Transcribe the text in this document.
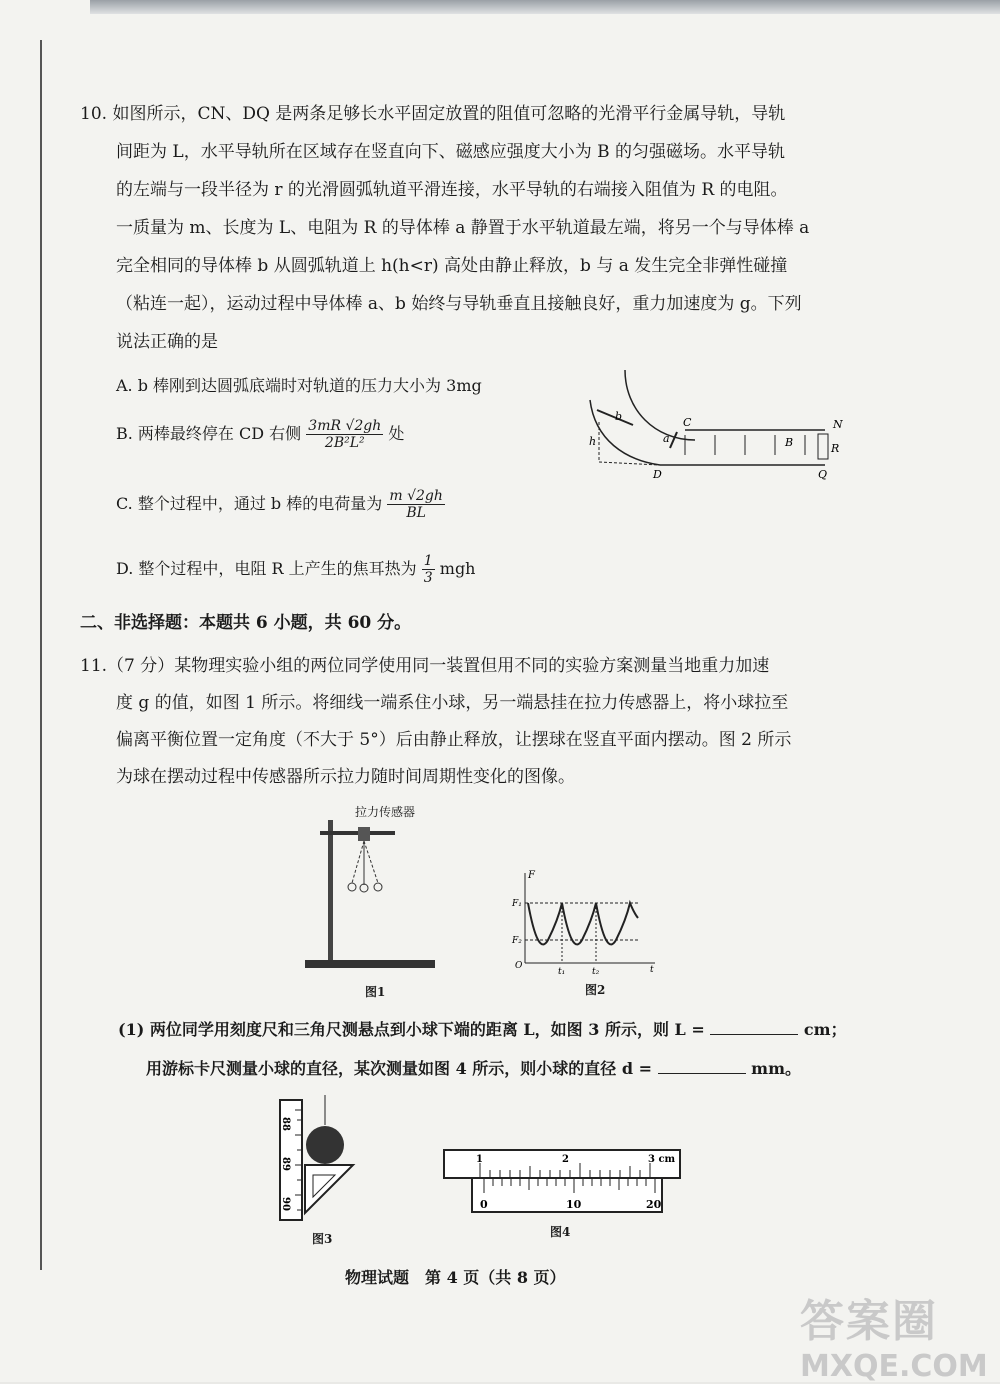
10. 如图所示，CN、DQ 是两条足够长水平固定放置的阻值可忽略的光滑平行金属导轨，导轨
间距为 L，水平导轨所在区域存在竖直向下、磁感应强度大小为 B 的匀强磁场。水平导轨
的左端与一段半径为 r 的光滑圆弧轨道平滑连接，水平导轨的右端接入阻值为 R 的电阻。
一质量为 m、长度为 L、电阻为 R 的导体棒 a 静置于水平轨道最左端，将另一个与导体棒 a
完全相同的导体棒 b 从圆弧轨道上 h(h<r) 高处由静止释放，b 与 a 发生完全非弹性碰撞
（粘连一起），运动过程中导体棒 a、b 始终与导轨垂直且接触良好，重力加速度为 g。下列
说法正确的是
A. b 棒刚到达圆弧底端时对轨道的压力大小为 3mg
B. 两棒最终停在 CD 右侧 $\frac{3mR √2gh}{\text{2B²L²}}$ 处
C. 整个过程中，通过 b 棒的电荷量为 $\frac{m √2gh}{BL}$
D. 整个过程中，电阻 R 上产生的焦耳热为 $\frac{1}{3}$ mgh
b
h	a
C
D
B
N
Q
R
二、非选择题：本题共 6 小题，共 60 分。
11.（7 分）某物理实验小组的两位同学使用同一装置但用不同的实验方案测量当地重力加速
度 g 的值，如图 1 所示。将细线一端系住小球，另一端悬挂在拉力传感器上，将小球拉至
偏离平衡位置一定角度（不大于 5°）后由静止释放，让摆球在竖直平面内摆动。图 2 所示
为球在摆动过程中传感器所示拉力随时间周期性变化的图像。
拉力传感器
图1
F
F₁
F₂
O
t₁	t₂	t
图2
(1) 两位同学用刻度尺和三角尺测悬点到小球下端的距离 L，如图 3 所示，则 L =	cm；
用游标卡尺测量小球的直径，某次测量如图 4 所示，则小球的直径 d =	mm。
88
89
90
图3
1	2	3 cm
0	10	20
图4
物理试题　第 4 页（共 8 页）
答案圈
MXQE.COM
